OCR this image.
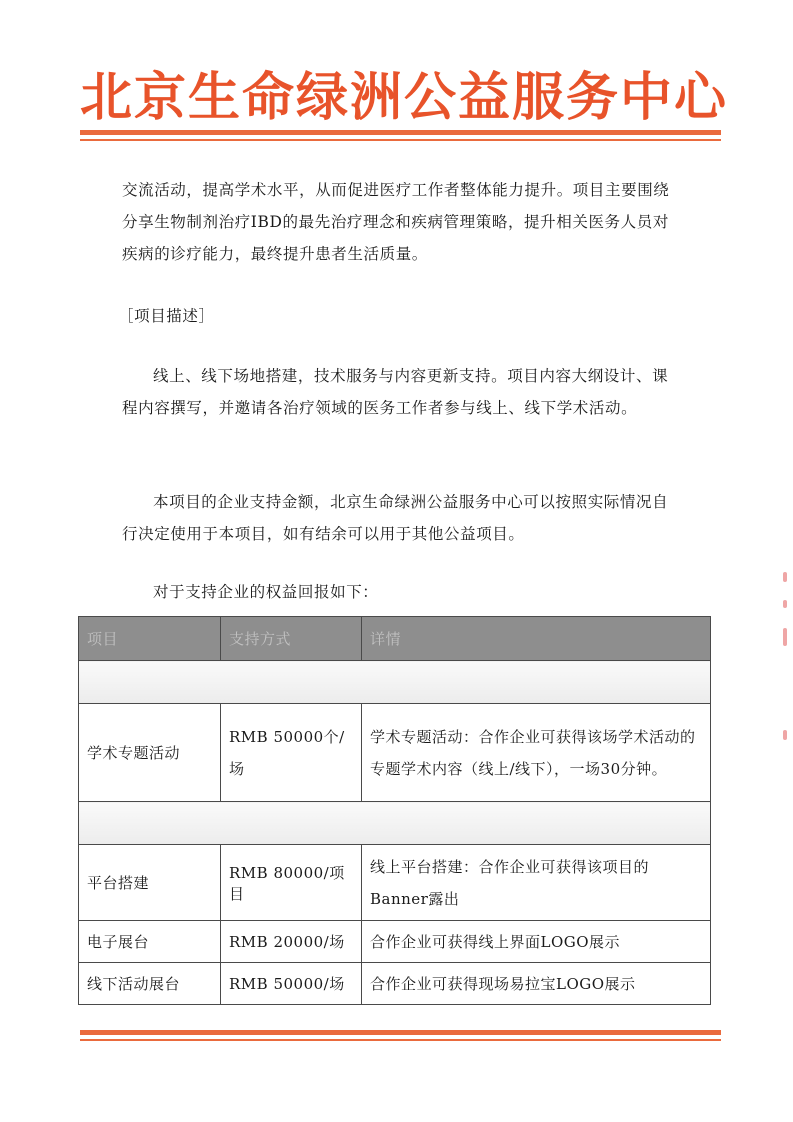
北京生命绿洲公益服务中心

交流活动，提高学术水平，从而促进医疗工作者整体能力提升。项目主要围绕分享生物制剂治疗IBD的最先治疗理念和疾病管理策略，提升相关医务人员对疾病的诊疗能力，最终提升患者生活质量。

［项目描述］

线上、线下场地搭建，技术服务与内容更新支持。项目内容大纲设计、课程内容撰写，并邀请各治疗领域的医务工作者参与线上、线下学术活动。

本项目的企业支持金额，北京生命绿洲公益服务中心可以按照实际情况自行决定使用于本项目，如有结余可以用于其他公益项目。

对于支持企业的权益回报如下：

项目	支持方式	详情

学术专题活动	RMB 50000个/场	学术专题活动：合作企业可获得该场学术活动的专题学术内容（线上/线下），一场30分钟。

平台搭建	RMB 80000/项目	线上平台搭建：合作企业可获得该项目的Banner露出
电子展台	RMB 20000/场	合作企业可获得线上界面LOGO展示
线下活动展台	RMB 50000/场	合作企业可获得现场易拉宝LOGO展示
